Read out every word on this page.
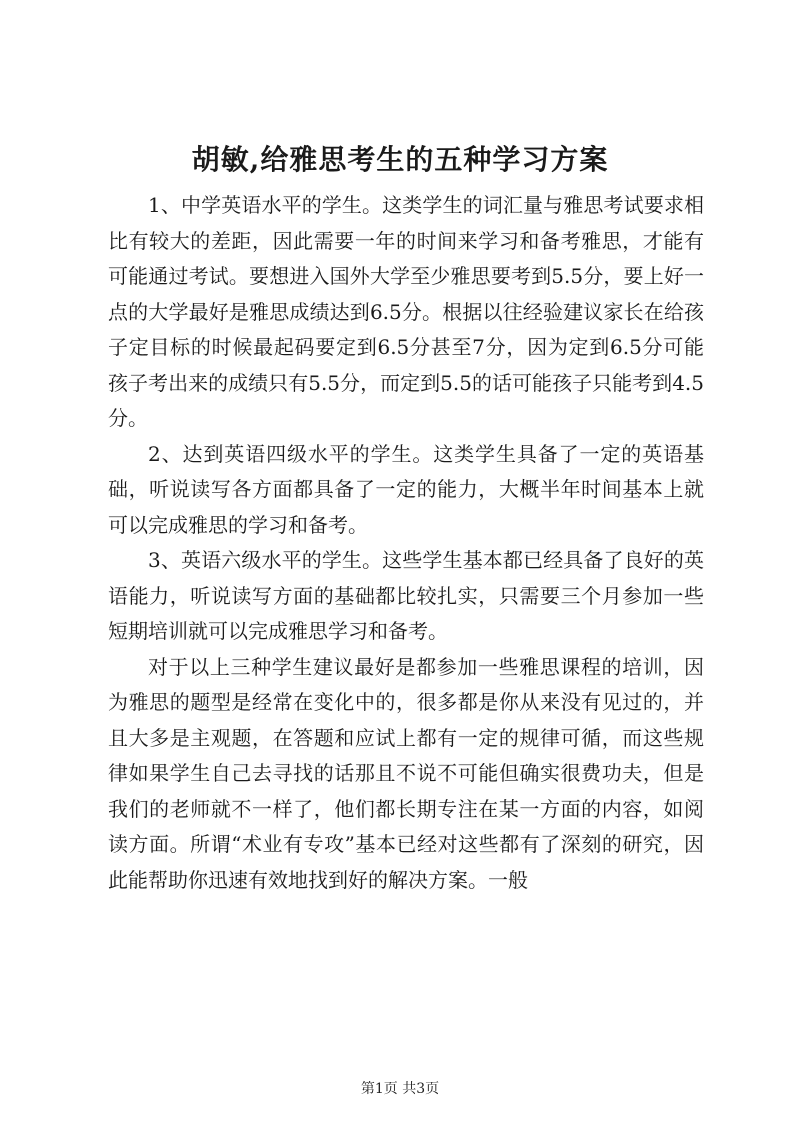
胡敏,给雅思考生的五种学习方案

1、中学英语水平的学生。这类学生的词汇量与雅思考试要求相比有较大的差距，因此需要一年的时间来学习和备考雅思，才能有可能通过考试。要想进入国外大学至少雅思要考到5.5分，要上好一点的大学最好是雅思成绩达到6.5分。根据以往经验建议家长在给孩子定目标的时候最起码要定到6.5分甚至7分，因为定到6.5分可能孩子考出来的成绩只有5.5分，而定到5.5的话可能孩子只能考到4.5分。

2、达到英语四级水平的学生。这类学生具备了一定的英语基础，听说读写各方面都具备了一定的能力，大概半年时间基本上就可以完成雅思的学习和备考。

3、英语六级水平的学生。这些学生基本都已经具备了良好的英语能力，听说读写方面的基础都比较扎实，只需要三个月参加一些短期培训就可以完成雅思学习和备考。

对于以上三种学生建议最好是都参加一些雅思课程的培训，因为雅思的题型是经常在变化中的，很多都是你从来没有见过的，并且大多是主观题，在答题和应试上都有一定的规律可循，而这些规律如果学生自己去寻找的话那且不说不可能但确实很费功夫，但是我们的老师就不一样了，他们都长期专注在某一方面的内容，如阅读方面。所谓“术业有专攻”基本已经对这些都有了深刻的研究，因此能帮助你迅速有效地找到好的解决方案。一般

第1页 共3页
